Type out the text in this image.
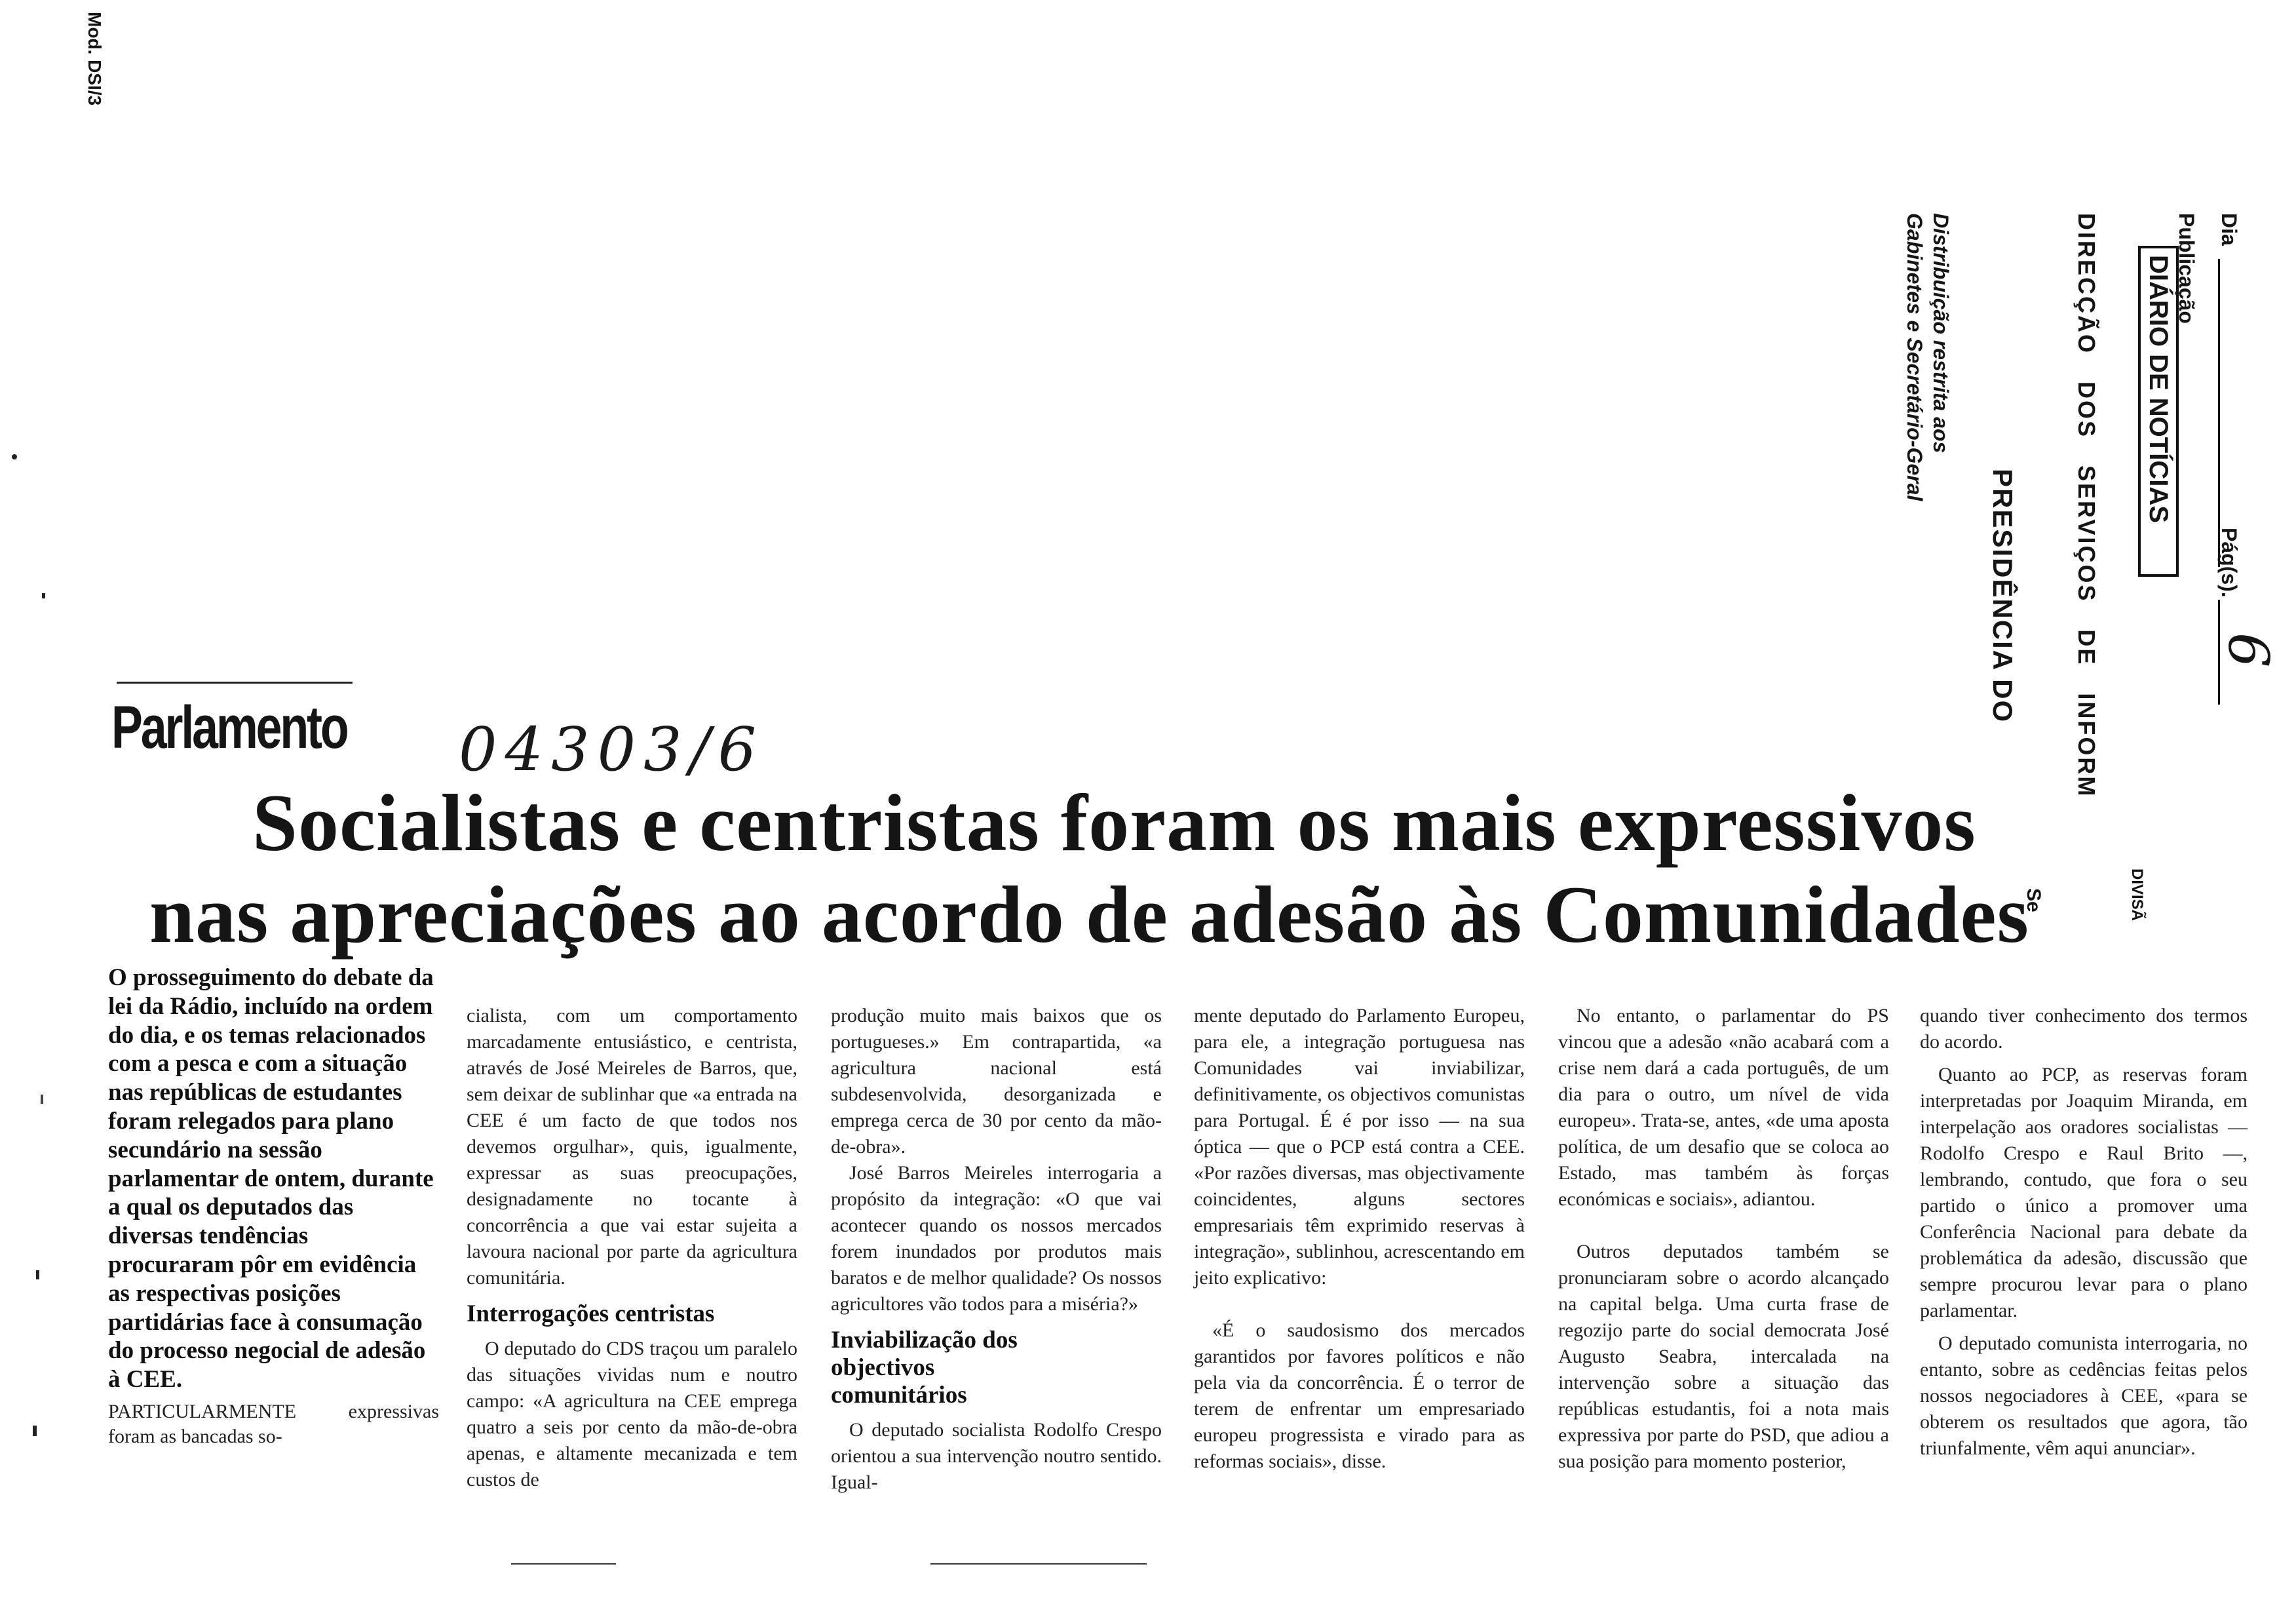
Mod. DSI/3
Distribuição restrita aos
Gabinetes e Secretário-Geral
PRESIDÊNCIA DO
Se
DIRECÇÃO DOS SERVIÇOS DE INFORM
DIVISÃ
DIÁRIO DE NOTÍCIAS Publicação Dia
Pág(s).
6
Parlamento 04303/6
Socialistas e centristas foram os mais expressivos
nas apreciações ao acordo de adesão às Comunidades

O prosseguimento do debate da lei da Rádio, incluído na ordem do dia, e os temas relacionados com a pesca e com a situação nas repúblicas de estudantes foram relegados para plano secundário na sessão parlamentar de ontem, durante a qual os deputados das diversas tendências procuraram pôr em evidência as respectivas posições partidárias face à consumação do processo negocial de adesão à CEE.

PARTICULARMENTE expressivas foram as bancadas so-

cialista, com um comportamento marcadamente entusiástico, e centrista, através de José Meireles de Barros, que, sem deixar de sublinhar que «a entrada na CEE é um facto de que todos nos devemos orgulhar», quis, igualmente, expressar as suas preocupações, designadamente no tocante à concorrência a que vai estar sujeita a lavoura nacional por parte da agricultura comunitária.

Interrogações centristas

O deputado do CDS traçou um paralelo das situações vividas num e noutro campo: «A agricultura na CEE emprega quatro a seis por cento da mão-de-obra apenas, e altamente mecanizada e tem custos de

produção muito mais baixos que os portugueses.» Em contrapartida, «a agricultura nacional está subdesenvolvida, desorganizada e emprega cerca de 30 por cento da mão-de-obra».

José Barros Meireles interrogaria a propósito da integração: «O que vai acontecer quando os nossos mercados forem inundados por produtos mais baratos e de melhor qualidade? Os nossos agricultores vão todos para a miséria?»

Inviabilização dos objectivos comunitários

O deputado socialista Rodolfo Crespo orientou a sua intervenção noutro sentido. Igual-

mente deputado do Parlamento Europeu, para ele, a integração portuguesa nas Comunidades vai inviabilizar, definitivamente, os objectivos comunistas para Portugal. É é por isso — na sua óptica — que o PCP está contra a CEE. «Por razões diversas, mas objectivamente coincidentes, alguns sectores empresariais têm exprimido reservas à integração», sublinhou, acrescentando em jeito explicativo:

«É o saudosismo dos mercados garantidos por favores políticos e não pela via da concorrência. É o terror de terem de enfrentar um empresariado europeu progressista e virado para as reformas sociais», disse.

No entanto, o parlamentar do PS vincou que a adesão «não acabará com a crise nem dará a cada português, de um dia para o outro, um nível de vida europeu». Trata-se, antes, «de uma aposta política, de um desafio que se coloca ao Estado, mas também às forças económicas e sociais», adiantou.

Outros deputados também se pronunciaram sobre o acordo alcançado na capital belga. Uma curta frase de regozijo parte do social democrata José Augusto Seabra, intercalada na intervenção sobre a situação das repúblicas estudantis, foi a nota mais expressiva por parte do PSD, que adiou a sua posição para momento posterior,

quando tiver conhecimento dos termos do acordo.

Quanto ao PCP, as reservas foram interpretadas por Joaquim Miranda, em interpelação aos oradores socialistas — Rodolfo Crespo e Raul Brito —, lembrando, contudo, que fora o seu partido o único a promover uma Conferência Nacional para debate da problemática da adesão, discussão que sempre procurou levar para o plano parlamentar.

O deputado comunista interrogaria, no entanto, sobre as cedências feitas pelos nossos negociadores à CEE, «para se obterem os resultados que agora, tão triunfalmente, vêm aqui anunciar».
